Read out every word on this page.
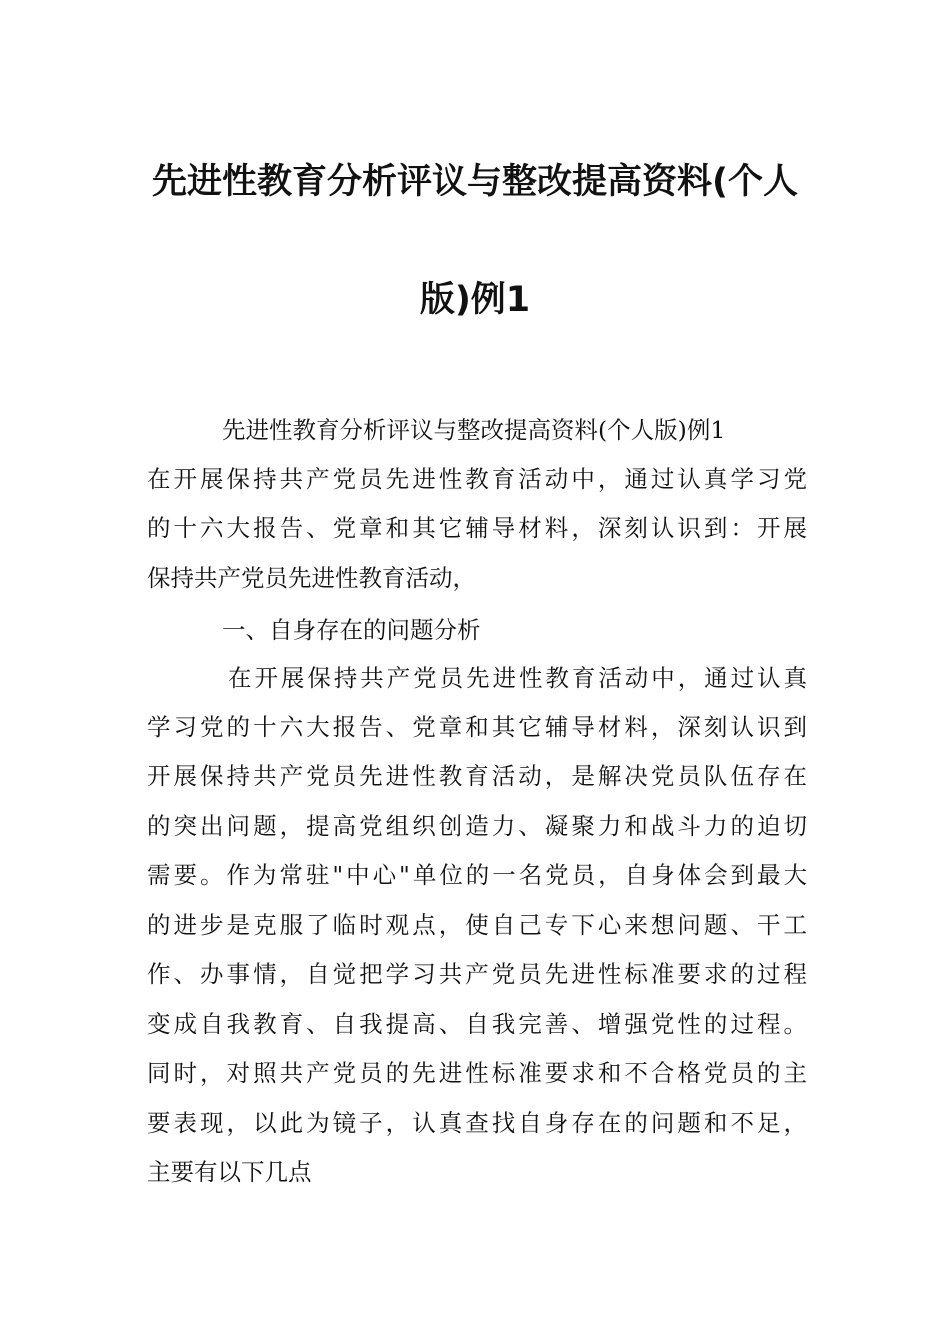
先进性教育分析评议与整改提高资料(个人
版)例1
先进性教育分析评议与整改提高资料(个人版)例1
在开展保持共产党员先进性教育活动中，通过认真学习党
的十六大报告、党章和其它辅导材料，深刻认识到：开展
保持共产党员先进性教育活动，
一、自身存在的问题分析
在开展保持共产党员先进性教育活动中，通过认真
学习党的十六大报告、党章和其它辅导材料，深刻认识到
开展保持共产党员先进性教育活动，是解决党员队伍存在
的突出问题，提高党组织创造力、凝聚力和战斗力的迫切
需要。作为常驻"中心"单位的一名党员，自身体会到最大
的进步是克服了临时观点，使自己专下心来想问题、干工
作、办事情，自觉把学习共产党员先进性标准要求的过程
变成自我教育、自我提高、自我完善、增强党性的过程。
同时，对照共产党员的先进性标准要求和不合格党员的主
要表现，以此为镜子，认真查找自身存在的问题和不足，
主要有以下几点
